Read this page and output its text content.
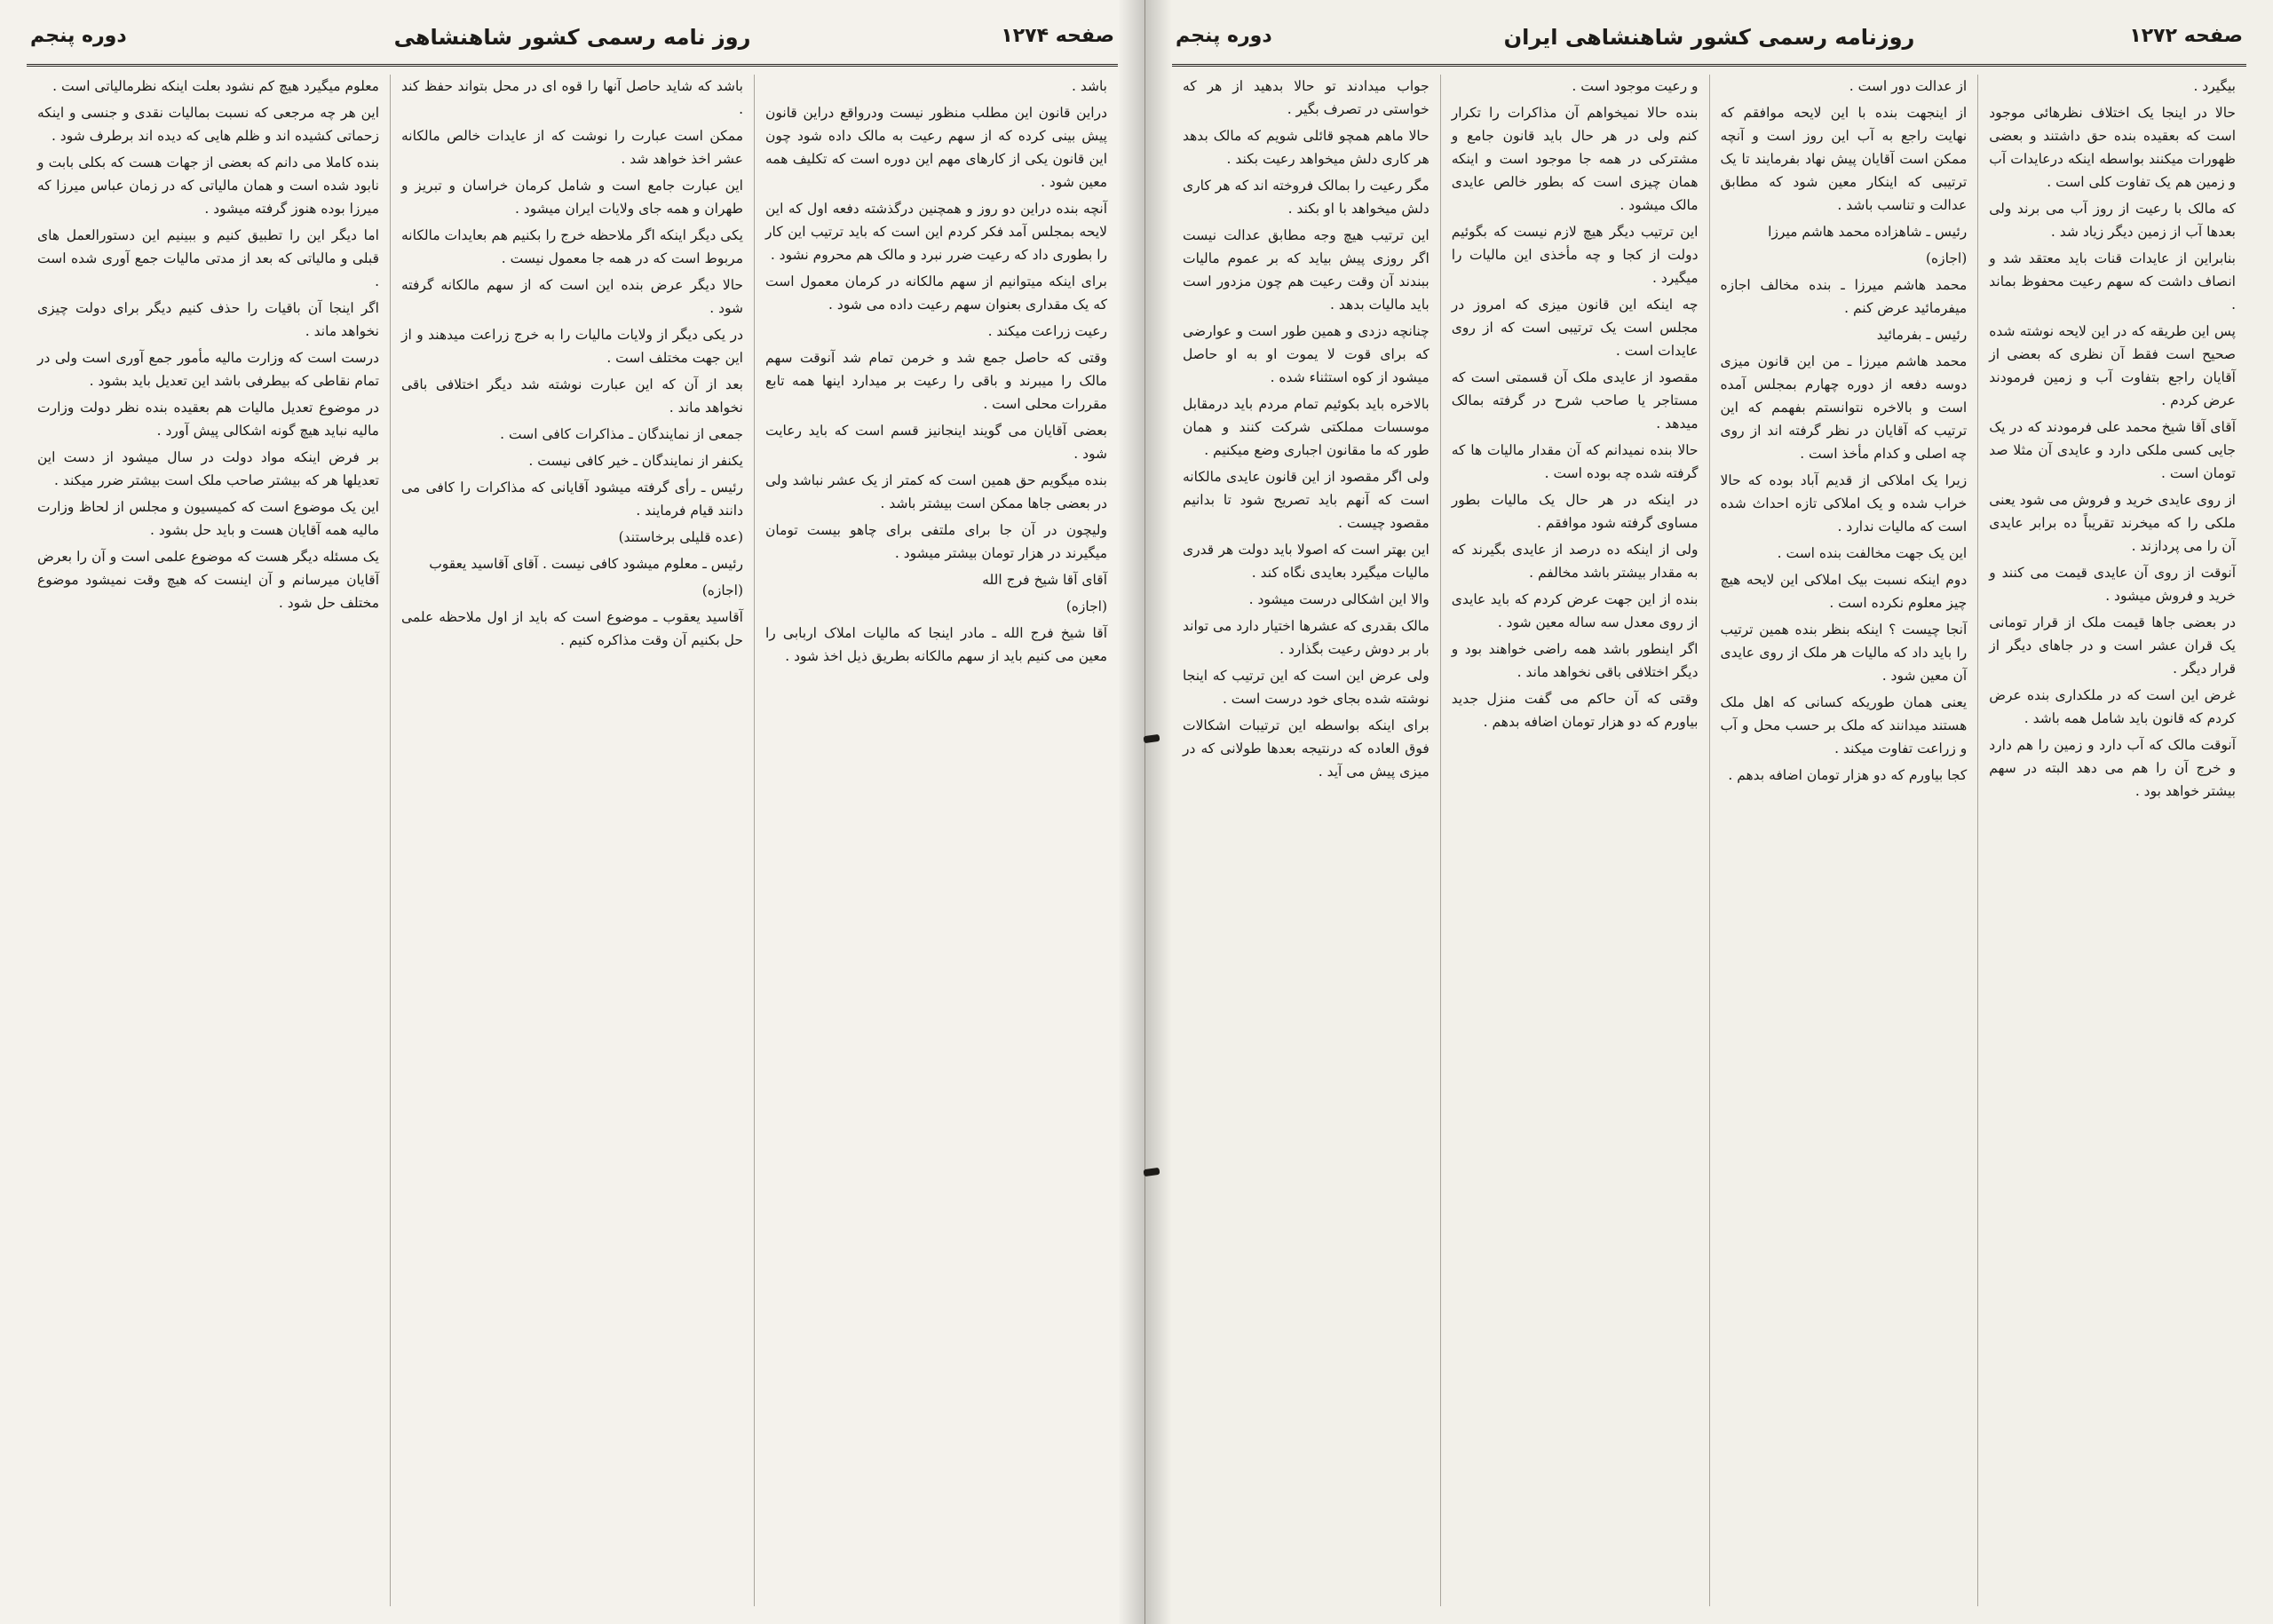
صفحه ۱۲۷۴
روز نامه رسمی کشور شاهنشاهی
دوره پنجم

باشد .

دراین قانون این مطلب منظور نیست ودرواقع دراین قانون پیش بینی کرده که از سهم رعیت به مالک داده شود چون این قانون یکی از کارهای مهم این دوره است که تکلیف همه معین شود .

آنچه بنده دراین دو روز و همچنین درگذشته دفعه اول که این لایحه بمجلس آمد فکر کردم این است که باید ترتیب این کار را بطوری داد که رعیت ضرر نبرد و مالک هم محروم نشود .

برای اینکه میتوانیم از سهم مالکانه در کرمان معمول است که یک مقداری بعنوان سهم رعیت داده می شود .

رعیت زراعت میکند .

وقتی که حاصل جمع شد و خرمن تمام شد آنوقت سهم مالک را میبرند و باقی را رعیت بر میدارد اینها همه تابع مقررات محلی است .

بعضی آقایان می گویند اینجانیز قسم است که باید رعایت شود .

بنده میگویم حق همین است که کمتر از یک عشر نباشد ولی در بعضی جاها ممکن است بیشتر باشد .

ولیچون در آن جا برای ملتفی برای چاهو بیست تومان میگیرند در هزار تومان بیشتر میشود .

آقای آقا شیخ فرج الله

(اجازه)

آقا شیخ فرج الله ـ مادر اینجا که مالیات املاک اربابی را معین می کنیم باید از سهم مالکانه بطریق ذیل اخذ شود .

باشد که شاید حاصل آنها را قوه ای در محل بتواند حفظ کند .

ممکن است عبارت را نوشت که از عایدات خالص مالکانه عشر اخذ خواهد شد .

این عبارت جامع است و شامل کرمان خراسان و تبریز و طهران و همه جای ولایات ایران میشود .

یکی دیگر اینکه اگر ملاحظه خرج را بکنیم هم بعایدات مالکانه مربوط است که در همه جا معمول نیست .

حالا دیگر عرض بنده این است که از سهم مالکانه گرفته شود .

در یکی دیگر از ولایات مالیات را به خرج زراعت میدهند و از این جهت مختلف است .

بعد از آن که این عبارت نوشته شد دیگر اختلافی باقی نخواهد ماند .

جمعی از نمایندگان ـ مذاکرات کافی است .

یکنفر از نمایندگان ـ خیر کافی نیست .

رئیس ـ رأی گرفته میشود آقایانی که مذاکرات را کافی می دانند قیام فرمایند .

(عده قلیلی برخاستند)

رئیس ـ معلوم میشود کافی نیست . آقای آقاسید یعقوب

(اجازه)

آقاسید یعقوب ـ موضوع است که باید از اول ملاحظه علمی حل بکنیم آن وقت مذاکره کنیم .

معلوم میگیرد هیچ کم نشود بعلت اینکه نظرمالیاتی است .

این هر چه مرجعی که نسبت بمالیات نقدی و جنسی و اینکه زحماتی کشیده اند و ظلم هایی که دیده اند برطرف شود .

بنده کاملا می دانم که بعضی از جهات هست که بکلی بابت و نابود شده است و همان مالیاتی که در زمان عباس میرزا که میرزا بوده هنوز گرفته میشود .

اما دیگر این را تطبیق کنیم و ببینیم این دستورالعمل های قبلی و مالیاتی که بعد از مدتی مالیات جمع آوری شده است .

اگر اینجا آن باقیات را حذف کنیم دیگر برای دولت چیزی نخواهد ماند .

درست است که وزارت مالیه مأمور جمع آوری است ولی در تمام نقاطی که بیطرفی باشد این تعدیل باید بشود .

در موضوع تعدیل مالیات هم بعقیده بنده نظر دولت وزارت مالیه نباید هیچ گونه اشکالی پیش آورد .

بر فرض اینکه مواد دولت در سال میشود از دست این تعدیلها هر که بیشتر صاحب ملک است بیشتر ضرر میکند .

این یک موضوع است که کمیسیون و مجلس از لحاظ وزارت مالیه همه آقایان هست و باید حل بشود .

یک مسئله دیگر هست که موضوع علمی است و آن را بعرض آقایان میرسانم و آن اینست که هیچ وقت نمیشود موضوع مختلف حل شود .

صفحه ۱۲۷۲
روزنامه رسمی کشور شاهنشاهی ایران
دوره پنجم

بیگیرد .

حالا در اینجا یک اختلاف نظرهائی موجود است که بعقیده بنده حق داشتند و بعضی ظهورات میکنند بواسطه اینکه درعایدات آب و زمین هم یک تفاوت کلی است .

که مالک با رعیت از روز آب می برند ولی بعدها آب از زمین دیگر زیاد شد .

بنابراین از عایدات قنات باید معتقد شد و انصاف داشت که سهم رعیت محفوظ بماند .

پس این طریقه که در این لایحه نوشته شده صحیح است فقط آن نظری که بعضی از آقایان راجع بتفاوت آب و زمین فرمودند عرض کردم .

آقای آقا شیخ محمد علی فرمودند که در یک جایی کسی ملکی دارد و عایدی آن مثلا صد تومان است .

از روی عایدی خرید و فروش می شود یعنی ملکی را که میخرند تقریباً ده برابر عایدی آن را می پردازند .

آنوقت از روی آن عایدی قیمت می کنند و خرید و فروش میشود .

در بعضی جاها قیمت ملک از قرار تومانی یک قران عشر است و در جاهای دیگر از قرار دیگر .

غرض این است که در ملکداری بنده عرض کردم که قانون باید شامل همه باشد .

آنوقت مالک که آب دارد و زمین را هم دارد و خرج آن را هم می دهد البته در سهم بیشتر خواهد بود .

از عدالت دور است .

از اینجهت بنده با این لایحه موافقم که نهایت راجع به آب این روز است و آنچه ممکن است آقایان پیش نهاد بفرمایند تا یک ترتیبی که اینکار معین شود که مطابق عدالت و تناسب باشد .

رئیس ـ شاهزاده محمد هاشم میرزا

(اجازه)

محمد هاشم میرزا ـ بنده مخالف اجازه میفرمائید عرض کنم .

رئیس ـ بفرمائید

محمد هاشم میرزا ـ من این قانون میزی دوسه دفعه از دوره چهارم بمجلس آمده است و بالاخره نتوانستم بفهمم که این ترتیب که آقایان در نظر گرفته اند از روی چه اصلی و کدام مأخذ است .

زیرا یک املاکی از قدیم آباد بوده که حالا خراب شده و یک املاکی تازه احداث شده است که مالیات ندارد .

این یک جهت مخالفت بنده است .

دوم اینکه نسبت بیک املاکی این لایحه هیچ چیز معلوم نکرده است .

آنجا چیست ؟ اینکه بنظر بنده همین ترتیب را باید داد که مالیات هر ملک از روی عایدی آن معین شود .

یعنی همان طوریکه کسانی که اهل ملک هستند میدانند که ملک بر حسب محل و آب و زراعت تفاوت میکند .

کجا بیاورم که دو هزار تومان اضافه بدهم .

و رعیت موجود است .

بنده حالا نمیخواهم آن مذاکرات را تکرار کنم ولی در هر حال باید قانون جامع و مشترکی در همه جا موجود است و اینکه همان چیزی است که بطور خالص عایدی مالک میشود .

این ترتیب دیگر هیچ لازم نیست که بگوئیم دولت از کجا و چه مأخذی این مالیات را میگیرد .

چه اینکه این قانون میزی که امروز در مجلس است یک ترتیبی است که از روی عایدات است .

مقصود از عایدی ملک آن قسمتی است که مستاجر یا صاحب شرح در گرفته بمالک میدهد .

حالا بنده نمیدانم که آن مقدار مالیات ها که گرفته شده چه بوده است .

در اینکه در هر حال یک مالیات بطور مساوی گرفته شود موافقم .

ولی از اینکه ده درصد از عایدی بگیرند که به مقدار بیشتر باشد مخالفم .

بنده از این جهت عرض کردم که باید عایدی از روی معدل سه ساله معین شود .

اگر اینطور باشد همه راضی خواهند بود و دیگر اختلافی باقی نخواهد ماند .

وقتی که آن حاکم می گفت منزل جدید بیاورم که دو هزار تومان اضافه بدهم .

جواب میدادند تو حالا بدهید از هر که خواستی در تصرف بگیر .

حالا ماهم همچو قائلی شویم که مالک بدهد هر کاری دلش میخواهد رعیت بکند .

مگر رعیت را بمالک فروخته اند که هر کاری دلش میخواهد با او بکند .

این ترتیب هیچ وجه مطابق عدالت نیست اگر روزی پیش بیاید که بر عموم مالیات ببندند آن وقت رعیت هم چون مزدور است باید مالیات بدهد .

چنانچه دزدی و همین طور است و عوارضی که برای قوت لا یموت او به او حاصل میشود از کوه استثناء شده .

بالاخره باید بکوئیم تمام مردم باید درمقابل موسسات مملکتی شرکت کنند و همان طور که ما مقانون اجباری وضع میکنیم .

ولی اگر مقصود از این قانون عایدی مالکانه است که آنهم باید تصریح شود تا بدانیم مقصود چیست .

این بهتر است که اصولا باید دولت هر قدری مالیات میگیرد بعایدی نگاه کند .

والا این اشکالی درست میشود .

مالک بقدری که عشرها اختیار دارد می تواند بار بر دوش رعیت بگذارد .

ولی عرض این است که این ترتیب که اینجا نوشته شده بجای خود درست است .

برای اینکه بواسطه این ترتیبات اشکالات فوق العاده که درنتیجه بعدها طولانی که در میزی پیش می آید .
